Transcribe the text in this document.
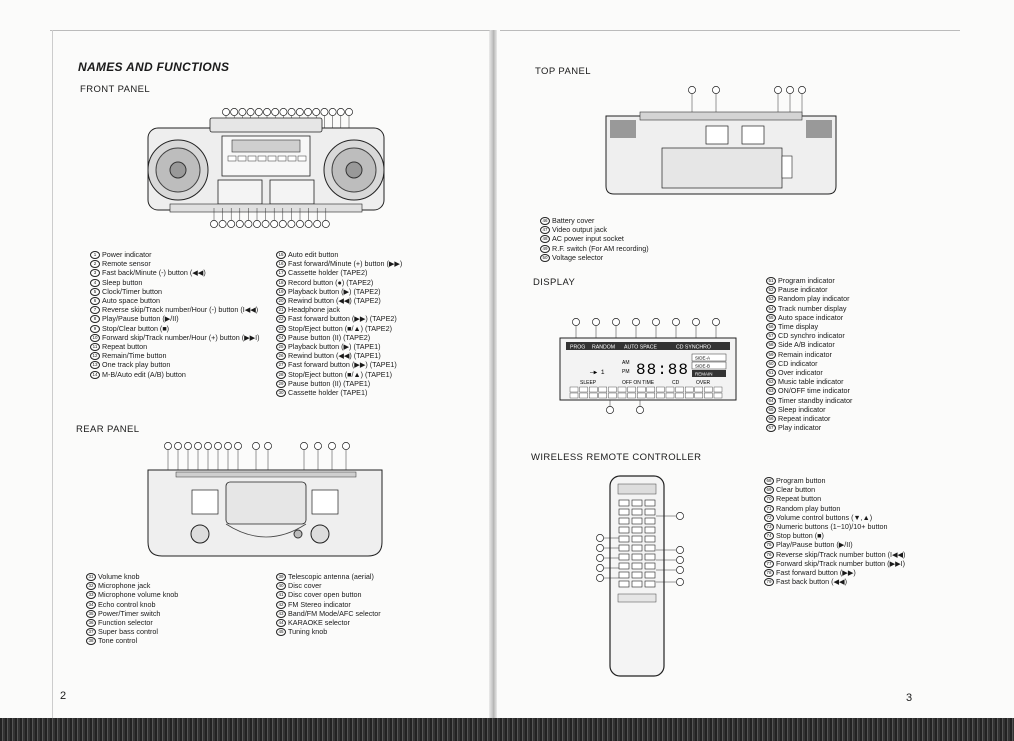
NAMES AND FUNCTIONS
FRONT PANEL
1 Power indicator
2 Remote sensor
3 Fast back/Minute (-) button (◀◀)
4 Sleep button
5 Clock/Timer button
6 Auto space button
7 Reverse skip/Track number/Hour (-) button (I◀◀)
8 Play/Pause button (▶/II)
9 Stop/Clear button (■)
10 Forward skip/Track number/Hour (+) button (▶▶I)
11 Repeat button
12 Remain/Time button
13 One track play button
14 M-B/Auto edit (A/B) button
15 Auto edit button
16 Fast forward/Minute (+) button (▶▶)
17 Cassette holder (TAPE2)
18 Record button (●) (TAPE2)
19 Playback button (▶) (TAPE2)
20 Rewind button (◀◀) (TAPE2)
21 Headphone jack
22 Fast forward button (▶▶) (TAPE2)
23 Stop/Eject button (■/▲) (TAPE2)
24 Pause button (II) (TAPE2)
25 Playback button (▶) (TAPE1)
26 Rewind button (◀◀) (TAPE1)
27 Fast forward button (▶▶) (TAPE1)
28 Stop/Eject button (■/▲) (TAPE1)
29 Pause button (II) (TAPE1)
30 Cassette holder (TAPE1)
REAR PANEL
31 Volume knob
32 Microphone jack
33 Microphone volume knob
34 Echo control knob
35 Power/Timer switch
36 Function selector
37 Super bass control
38 Tone control
39 Telescopic antenna (aerial)
40 Disc cover
41 Disc cover open button
42 FM Stereo indicator
43 Band/FM Mode/AFC selector
44 KARAOKE selector
45 Tuning knob
2
TOP PANEL
46 Battery cover
47 Video output jack
48 AC power input socket
49 R.F. switch (For AM recording)
50 Voltage selector
DISPLAY
PROG RANDOM AUTO SPACE	CD SYNCHRO
—▶ 1
AM
PM 88:88
SIDE-A
SIDE-B
REMAIN
SLEEP	OFF ON TIME	CD	OVER
51 Program indicator
52 Pause indicator
53 Random play indicator
54 Track number display
55 Auto space indicator
56 Time display
57 CD synchro indicator
58 Side A/B indicator
59 Remain indicator
60 CD indicator
61 Over indicator
62 Music table indicator
63 ON/OFF time indicator
64 Timer standby indicator
65 Sleep indicator
66 Repeat indicator
67 Play indicator
WIRELESS REMOTE CONTROLLER
68 Program button
69 Clear button
70 Repeat button
71 Random play button
72 Volume control buttons (▼,▲)
73 Numeric buttons (1~10)/10+ button
74 Stop button (■)
75 Play/Pause button (▶/II)
76 Reverse skip/Track number button (I◀◀)
77 Forward skip/Track number button (▶▶I)
78 Fast forward button (▶▶)
79 Fast back button (◀◀)
3
